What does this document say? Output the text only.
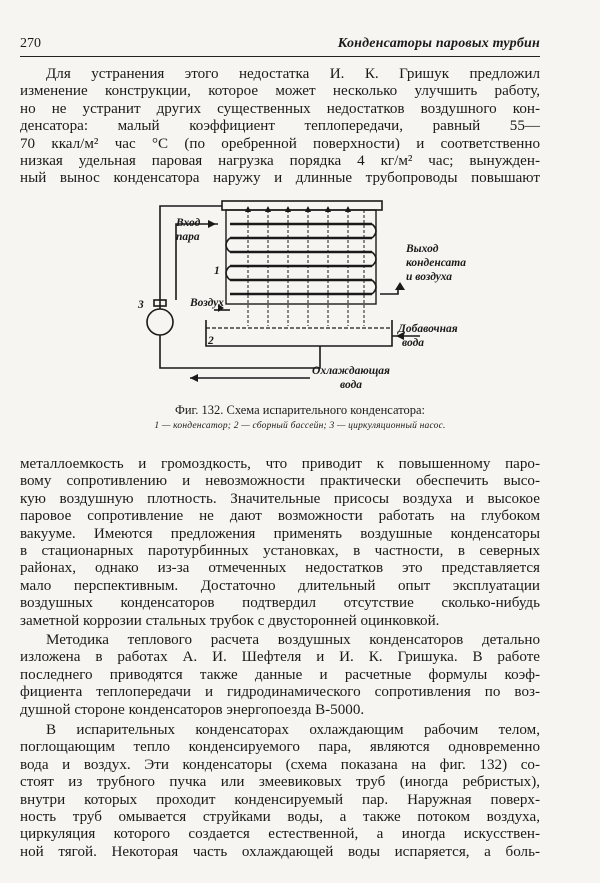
270	Конденсаторы паровых турбин
Для устранения этого недостатка И. К. Гришук предложил
изменение конструкции, которое может несколько улучшить работу,
но не устранит других существенных недостатков воздушного кон-
денсатора: малый коэффициент теплопередачи, равный 55—
70 ккал/м² час °С (по оребренной поверхности) и соответственно
низкая удельная паровая нагрузка порядка 4 кг/м² час; вынужден-
ный вынос конденсатора наружу и длинные трубопроводы повышают
Вход
пара
1
3	Воздух
2
Выход
конденсата
и воздуха
Добавочная
вода
Охлаждающая
вода
Фиг. 132. Схема испарительного конденсатора:
1 — конденсатор; 2 — сборный бассейн; 3 — циркуляционный насос.
металлоемкость и громоздкость, что приводит к повышенному паро-
вому сопротивлению и невозможности практически обеспечить высо-
кую воздушную плотность. Значительные присосы воздуха и высокое
паровое сопротивление не дают возможности работать на глубоком
вакууме. Имеются предложения применять воздушные конденсаторы
в стационарных паротурбинных установках, в частности, в северных
районах, однако из-за отмеченных недостатков это представляется
мало перспективным. Достаточно длительный опыт эксплуатации
воздушных конденсаторов подтвердил отсутствие сколько-нибудь
заметной коррозии стальных трубок с двусторонней оцинковкой.
Методика теплового расчета воздушных конденсаторов детально
изложена в работах А. И. Шефтеля и И. К. Гришука. В работе
последнего приводятся также данные и расчетные формулы коэф-
фициента теплопередачи и гидродинамического сопротивления по воз-
душной стороне конденсаторов энергопоезда В-5000.
В испарительных конденсаторах охлаждающим рабочим телом,
поглощающим тепло конденсируемого пара, являются одновременно
вода и воздух. Эти конденсаторы (схема показана на фиг. 132) со-
стоят из трубного пучка или змеевиковых труб (иногда ребристых),
внутри которых проходит конденсируемый пар. Наружная поверх-
ность труб омывается струйками воды, а также потоком воздуха,
циркуляция которого создается естественной, а иногда искусствен-
ной тягой. Некоторая часть охлаждающей воды испаряется, а боль-
